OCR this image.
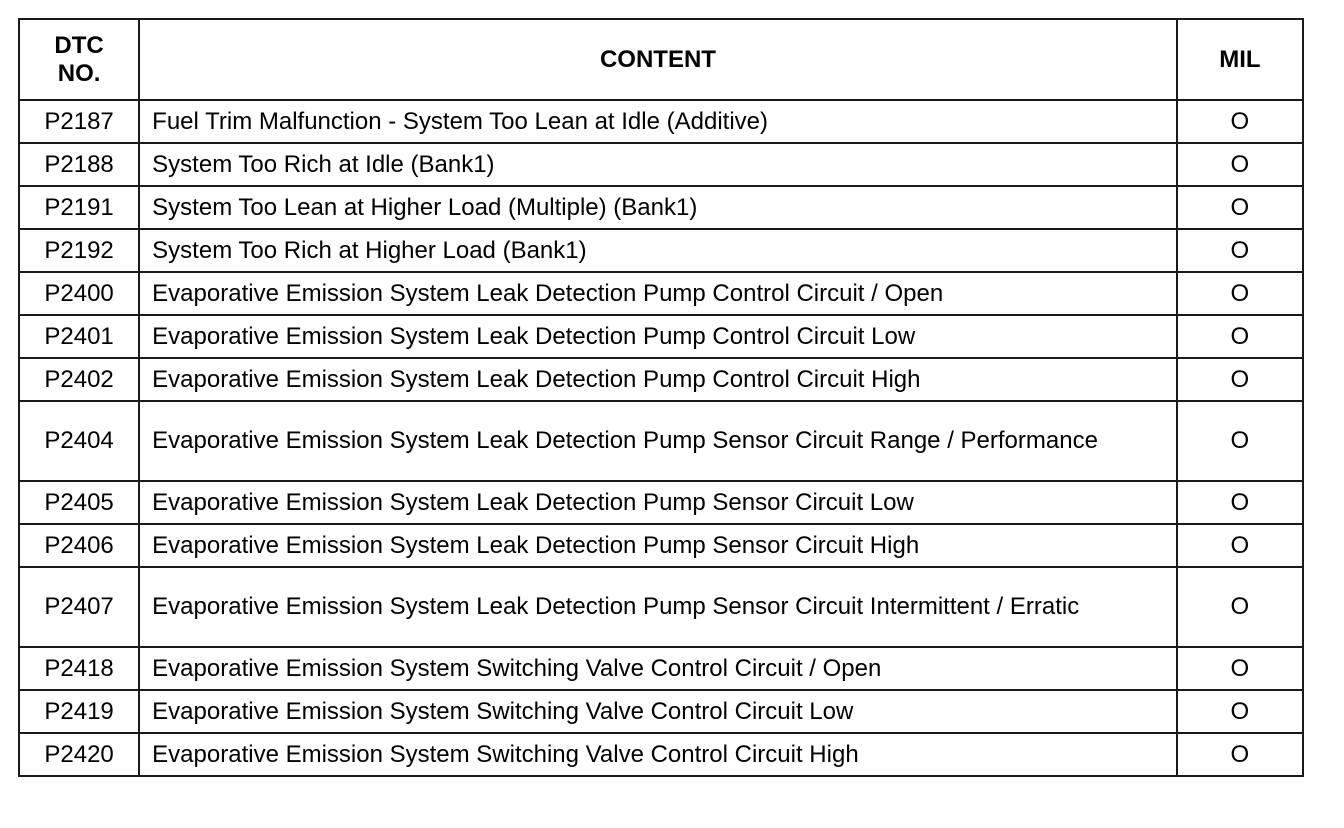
DTC
NO.	CONTENT	MIL
P2187	Fuel Trim Malfunction - System Too Lean at Idle (Additive)	O
P2188	System Too Rich at Idle (Bank1)	O
P2191	System Too Lean at Higher Load (Multiple) (Bank1)	O
P2192	System Too Rich at Higher Load (Bank1)	O
P2400	Evaporative Emission System Leak Detection Pump Control Circuit / Open	O
P2401	Evaporative Emission System Leak Detection Pump Control Circuit Low	O
P2402	Evaporative Emission System Leak Detection Pump Control Circuit High	O
P2404	Evaporative Emission System Leak Detection Pump Sensor Circuit Range / Performance	O
P2405	Evaporative Emission System Leak Detection Pump Sensor Circuit Low	O
P2406	Evaporative Emission System Leak Detection Pump Sensor Circuit High	O
P2407	Evaporative Emission System Leak Detection Pump Sensor Circuit Intermittent / Erratic	O
P2418	Evaporative Emission System Switching Valve Control Circuit / Open	O
P2419	Evaporative Emission System Switching Valve Control Circuit Low	O
P2420	Evaporative Emission System Switching Valve Control Circuit High	O
